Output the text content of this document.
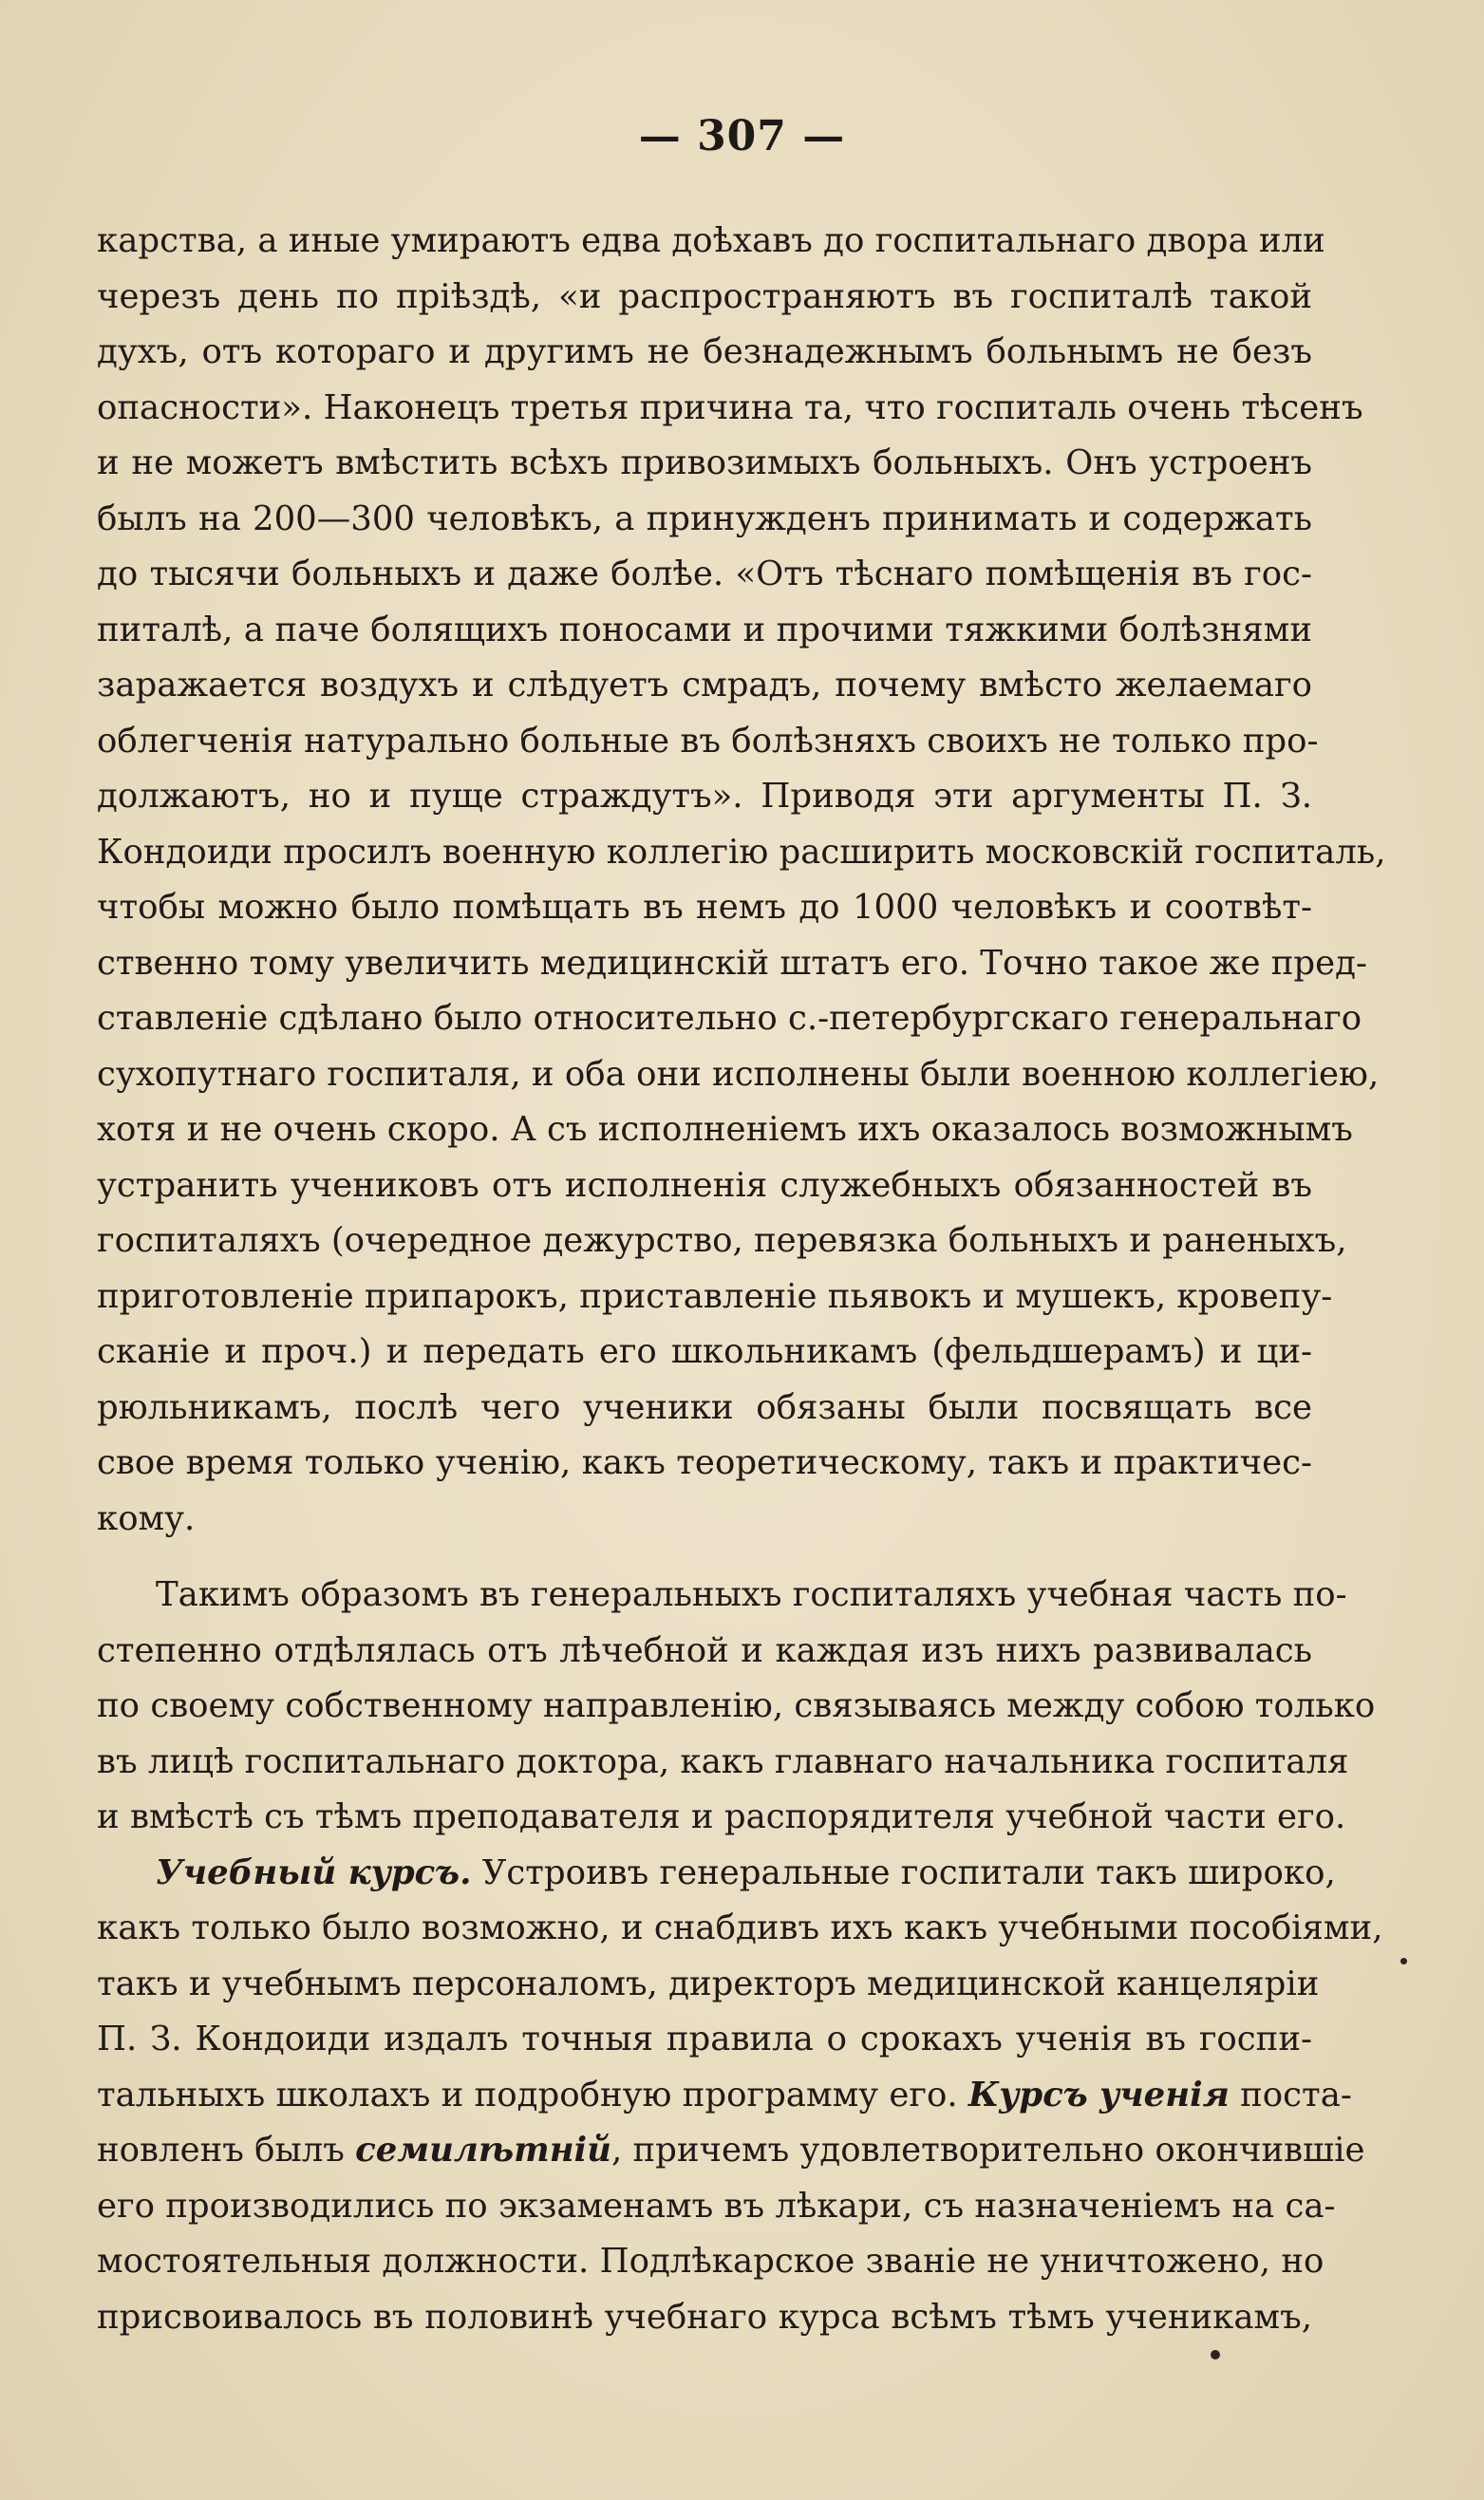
— 307 —
карства, а иные умираютъ едва доѣхавъ до госпитальнаго двора или
черезъ день по пріѣздѣ, «и распространяютъ въ госпиталѣ такой
духъ, отъ котораго и другимъ не безнадежнымъ больнымъ не безъ
опасности». Наконецъ третья причина та, что госпиталь очень тѣсенъ
и не можетъ вмѣстить всѣхъ привозимыхъ больныхъ. Онъ устроенъ
былъ на 200—300 человѣкъ, а принужденъ принимать и содержать
до тысячи больныхъ и даже болѣе. «Отъ тѣснаго помѣщенія въ гос-
питалѣ, а паче болящихъ поносами и прочими тяжкими болѣзнями
заражается воздухъ и слѣдуетъ смрадъ, почему вмѣсто желаемаго
облегченія натурально больные въ болѣзняхъ своихъ не только про-
должаютъ, но и пуще страждутъ». Приводя эти аргументы П. З.
Кондоиди просилъ военную коллегію расширить московскій госпиталь,
чтобы можно было помѣщать въ немъ до 1000 человѣкъ и соотвѣт-
ственно тому увеличить медицинскій штатъ его. Точно такое же пред-
ставленіе сдѣлано было относительно с.-петербургскаго генеральнаго
сухопутнаго госпиталя, и оба они исполнены были военною коллегіею,
хотя и не очень скоро. А съ исполненіемъ ихъ оказалось возможнымъ
устранить учениковъ отъ исполненія служебныхъ обязанностей въ
госпиталяхъ (очередное дежурство, перевязка больныхъ и раненыхъ,
приготовленіе припарокъ, приставленіе пьявокъ и мушекъ, кровепу-
сканіе и проч.) и передать его школьникамъ (фельдшерамъ) и ци-
рюльникамъ, послѣ чего ученики обязаны были посвящать все
свое время только ученію, какъ теоретическому, такъ и практичес-
кому.
Такимъ образомъ въ генеральныхъ госпиталяхъ учебная часть по-
степенно отдѣлялась отъ лѣчебной и каждая изъ нихъ развивалась
по своему собственному направленію, связываясь между собою только
въ лицѣ госпитальнаго доктора, какъ главнаго начальника госпиталя
и вмѣстѣ съ тѣмъ преподавателя и распорядителя учебной части его.
Учебный курсъ. Устроивъ генеральные госпитали такъ широко,
какъ только было возможно, и снабдивъ ихъ какъ учебными пособіями,
такъ и учебнымъ персоналомъ, директоръ медицинской канцеляріи
П. З. Кондоиди издалъ точныя правила о срокахъ ученія въ госпи-
тальныхъ школахъ и подробную программу его. Курсъ ученія поста-
новленъ былъ семилѣтній, причемъ удовлетворительно окончившіе
его производились по экзаменамъ въ лѣкари, съ назначеніемъ на са-
мостоятельныя должности. Подлѣкарское званіе не уничтожено, но
присвоивалось въ половинѣ учебнаго курса всѣмъ тѣмъ ученикамъ,
